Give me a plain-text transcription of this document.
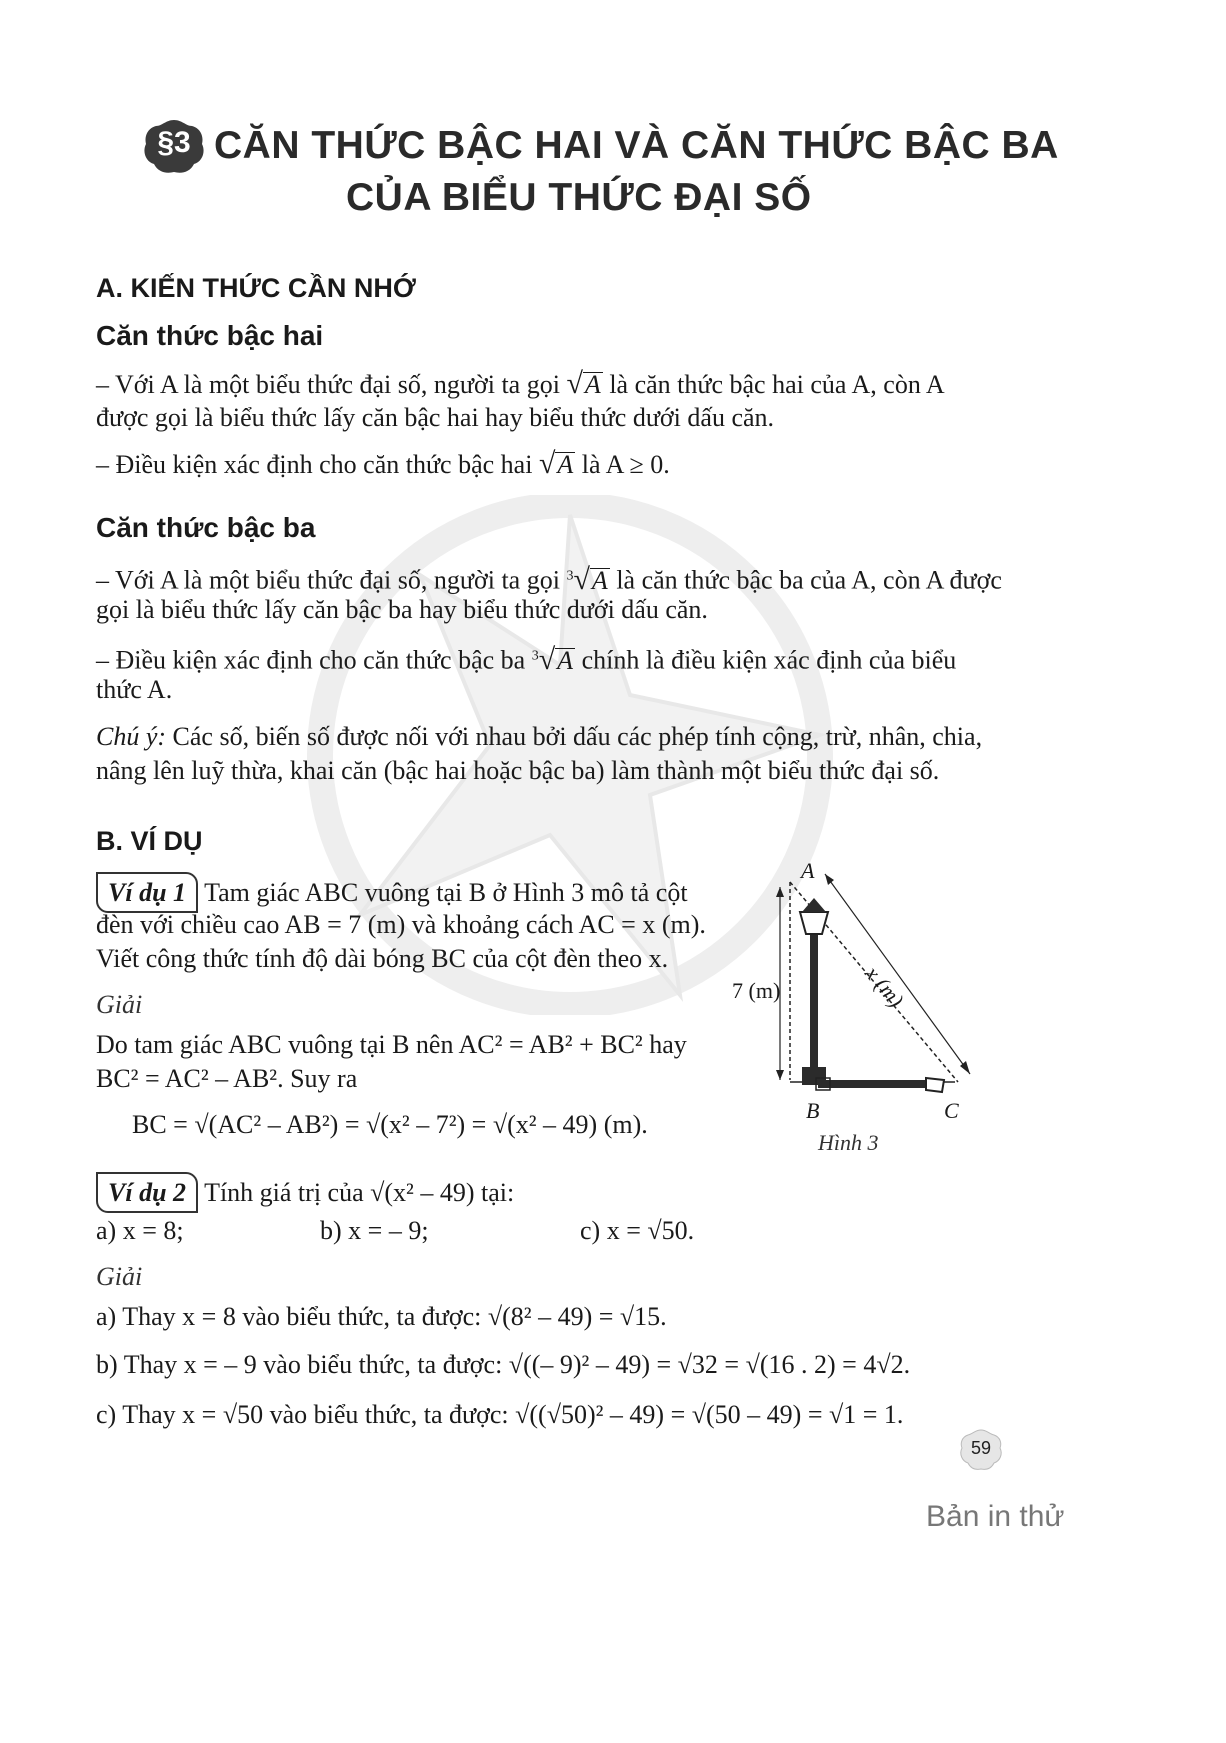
§3 CĂN THỨC BẬC HAI VÀ CĂN THỨC BẬC BA
CỦA BIỂU THỨC ĐẠI SỐ
A. KIẾN THỨC CẦN NHỚ
Căn thức bậc hai
– Với A là một biểu thức đại số, người ta gọi √A là căn thức bậc hai của A, còn A
được gọi là biểu thức lấy căn bậc hai hay biểu thức dưới dấu căn.
– Điều kiện xác định cho căn thức bậc hai √A là A ≥ 0.
Căn thức bậc ba
– Với A là một biểu thức đại số, người ta gọi $^3$√A là căn thức bậc ba của A, còn A được
gọi là biểu thức lấy căn bậc ba hay biểu thức dưới dấu căn.
– Điều kiện xác định cho căn thức bậc ba $^3$√A chính là điều kiện xác định của biểu
thức A.
Chú ý: Các số, biến số được nối với nhau bởi dấu các phép tính cộng, trừ, nhân, chia,
nâng lên luỹ thừa, khai căn (bậc hai hoặc bậc ba) làm thành một biểu thức đại số.
B. VÍ DỤ
Ví dụ 1 Tam giác ABC vuông tại B ở Hình 3 mô tả cột
đèn với chiều cao AB = 7 (m) và khoảng cách AC = x (m).
Viết công thức tính độ dài bóng BC của cột đèn theo x.
Giải
Do tam giác ABC vuông tại B nên AC² = AB² + BC² hay
BC² = AC² – AB². Suy ra
BC = √(AC² – AB²) = √(x² – 7²) = √(x² – 49) (m).
A
B	C
7 (m)	x (m)
Hình 3
Ví dụ 2 Tính giá trị của √(x² – 49) tại:
a) x = 8;	b) x = – 9;	c) x = √50.
Giải
a) Thay x = 8 vào biểu thức, ta được: √(8² – 49) = √15.
b) Thay x = – 9 vào biểu thức, ta được: √((– 9)² – 49) = √32 = √(16 . 2) = 4√2.
c) Thay x = √50 vào biểu thức, ta được: √((√50)² – 49) = √(50 – 49) = √1 = 1.
59
Bản in thử
